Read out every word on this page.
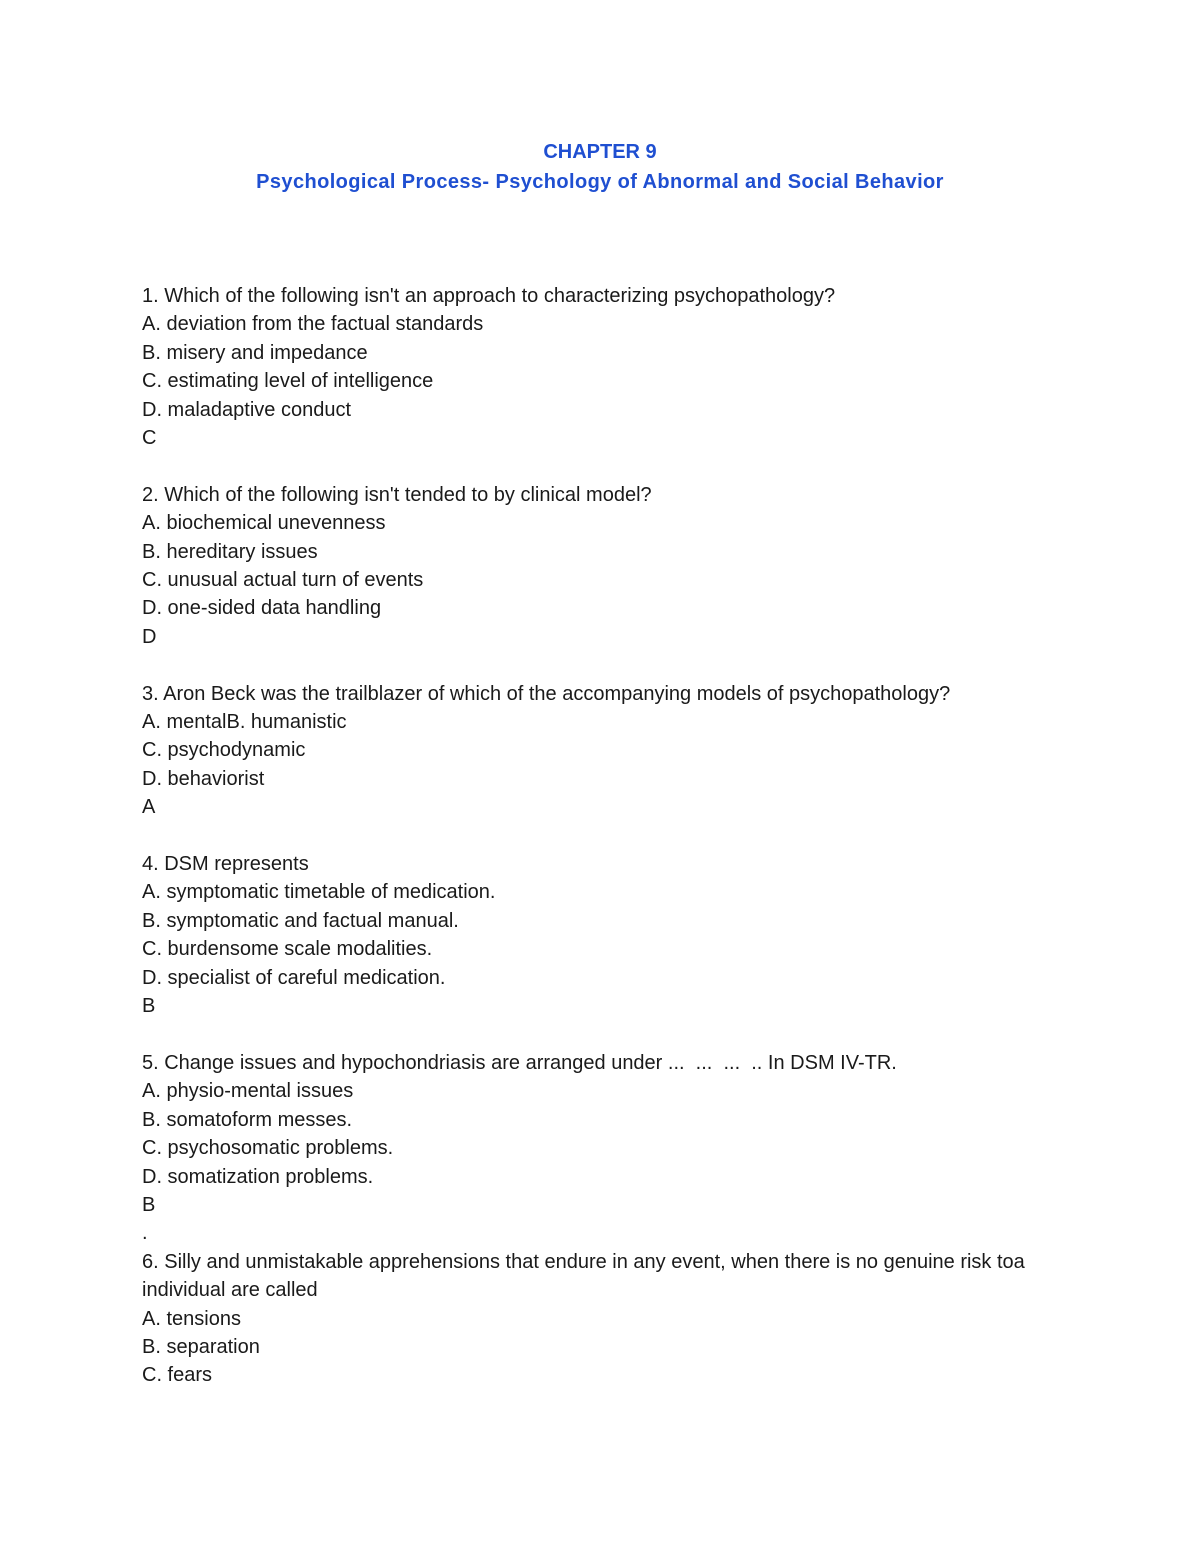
CHAPTER 9
Psychological Process- Psychology of Abnormal and Social Behavior

1. Which of the following isn't an approach to characterizing psychopathology?

A. deviation from the factual standards

B. misery and impedance

C. estimating level of intelligence

D. maladaptive conduct

C

2. Which of the following isn't tended to by clinical model?

A. biochemical unevenness

B. hereditary issues

C. unusual actual turn of events

D. one-sided data handling

D

3. Aron Beck was the trailblazer of which of the accompanying models of psychopathology?

A. mentalB. humanistic

C. psychodynamic

D. behaviorist

A

4. DSM represents

A. symptomatic timetable of medication.

B. symptomatic and factual manual.

C. burdensome scale modalities.

D. specialist of careful medication.

B

5. Change issues and hypochondriasis are arranged under ...  ...  ...  .. In DSM IV-TR.

A. physio-mental issues

B. somatoform messes.

C. psychosomatic problems.

D. somatization problems.

B

.

6. Silly and unmistakable apprehensions that endure in any event, when there is no genuine risk toa individual are called

A. tensions

B. separation

C. fears
